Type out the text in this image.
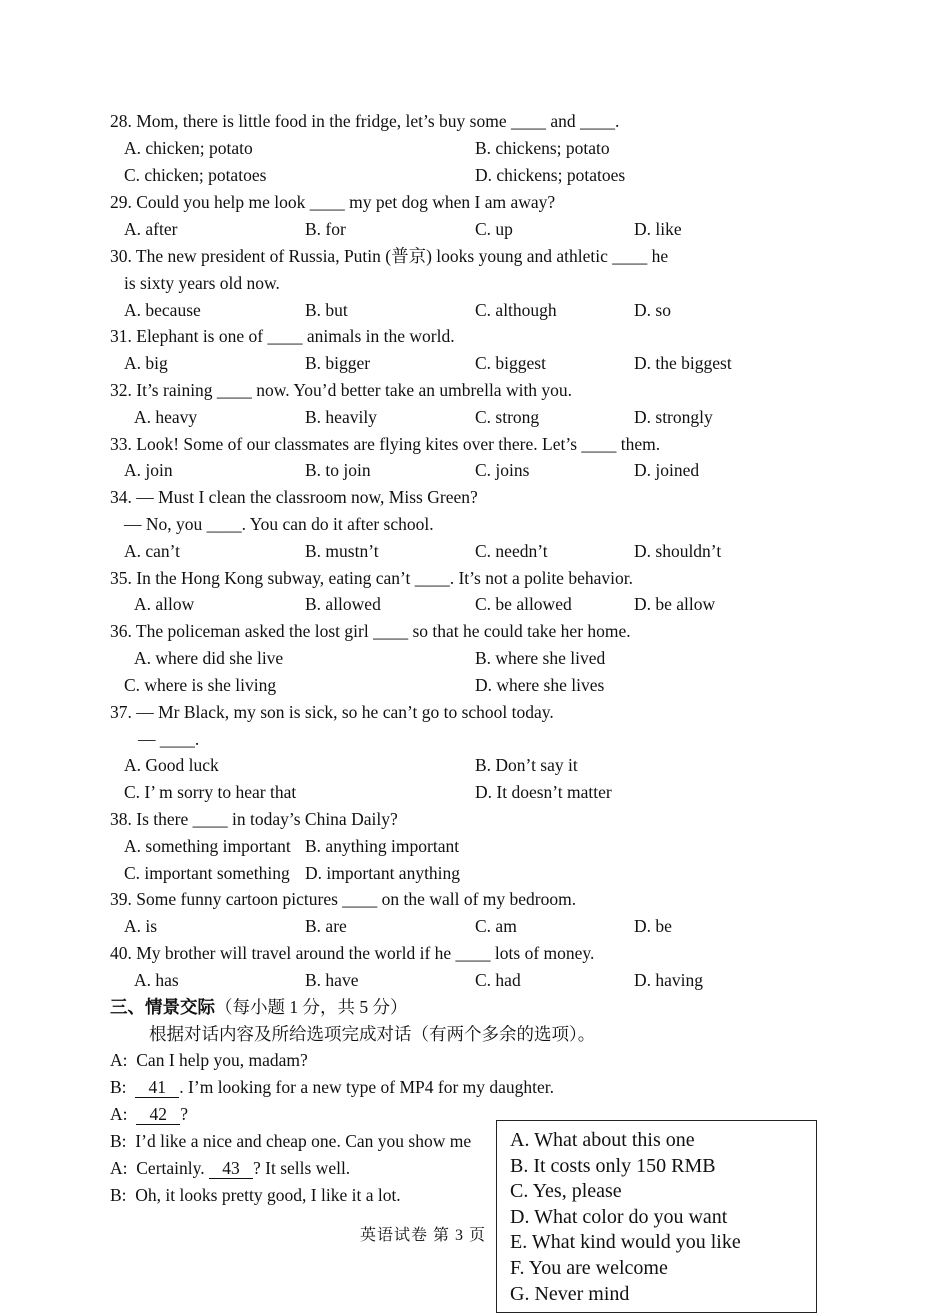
28. Mom, there is little food in the fridge, let’s buy some ____ and ____.
A. chicken; potato	B. chickens; potato
C. chicken; potatoes	D. chickens; potatoes
29. Could you help me look ____ my pet dog when I am away?
A. after	B. for	C. up	D. like
30. The new president of Russia, Putin (普京) looks young and athletic ____ he
is sixty years old now.
A. because	B. but	C. although	D. so
31. Elephant is one of ____ animals in the world.
A. big	B. bigger	C. biggest	D. the biggest
32. It’s raining ____ now. You’d better take an umbrella with you.
A. heavy	B. heavily	C. strong	D. strongly
33. Look! Some of our classmates are flying kites over there. Let’s ____ them.
A. join	B. to join	C. joins	D. joined
34. — Must I clean the classroom now, Miss Green?
— No, you ____. You can do it after school.
A. can’t	B. mustn’t	C. needn’t	D. shouldn’t
35. In the Hong Kong subway, eating can’t ____. It’s not a polite behavior.
A. allow	B. allowed	C. be allowed	D. be allow
36. The policeman asked the lost girl ____ so that he could take her home.
A. where did she live	B. where she lived
C. where is she living	D. where she lives
37. — Mr Black, my son is sick, so he can’t go to school today.
— ____.
A. Good luck	B. Don’t say it
C. I’ m sorry to hear that	D. It doesn’t matter
38. Is there ____ in today’s China Daily?
A. something important B. anything important
C. important something D. important anything
39. Some funny cartoon pictures ____ on the wall of my bedroom.
A. is	B. are	C. am	D. be
40. My brother will travel around the world if he ____ lots of money.
A. has	B. have	C. had	D. having
三、情景交际（每小题 1 分，共 5 分）
根据对话内容及所给选项完成对话（有两个多余的选项）。
A: Can I help you, madam?
B: 41 . I’m looking for a new type of MP4 for my daughter.
A: 42 ?
B: I’d like a nice and cheap one. Can you show me
A: Certainly. 43 ? It sells well.
B: Oh, it looks pretty good, I like it a lot.
英语试卷 第 3 页
A. What about this one
B. It costs only 150 RMB
C. Yes, please
D. What color do you want
E. What kind would you like
F. You are welcome
G. Never mind
